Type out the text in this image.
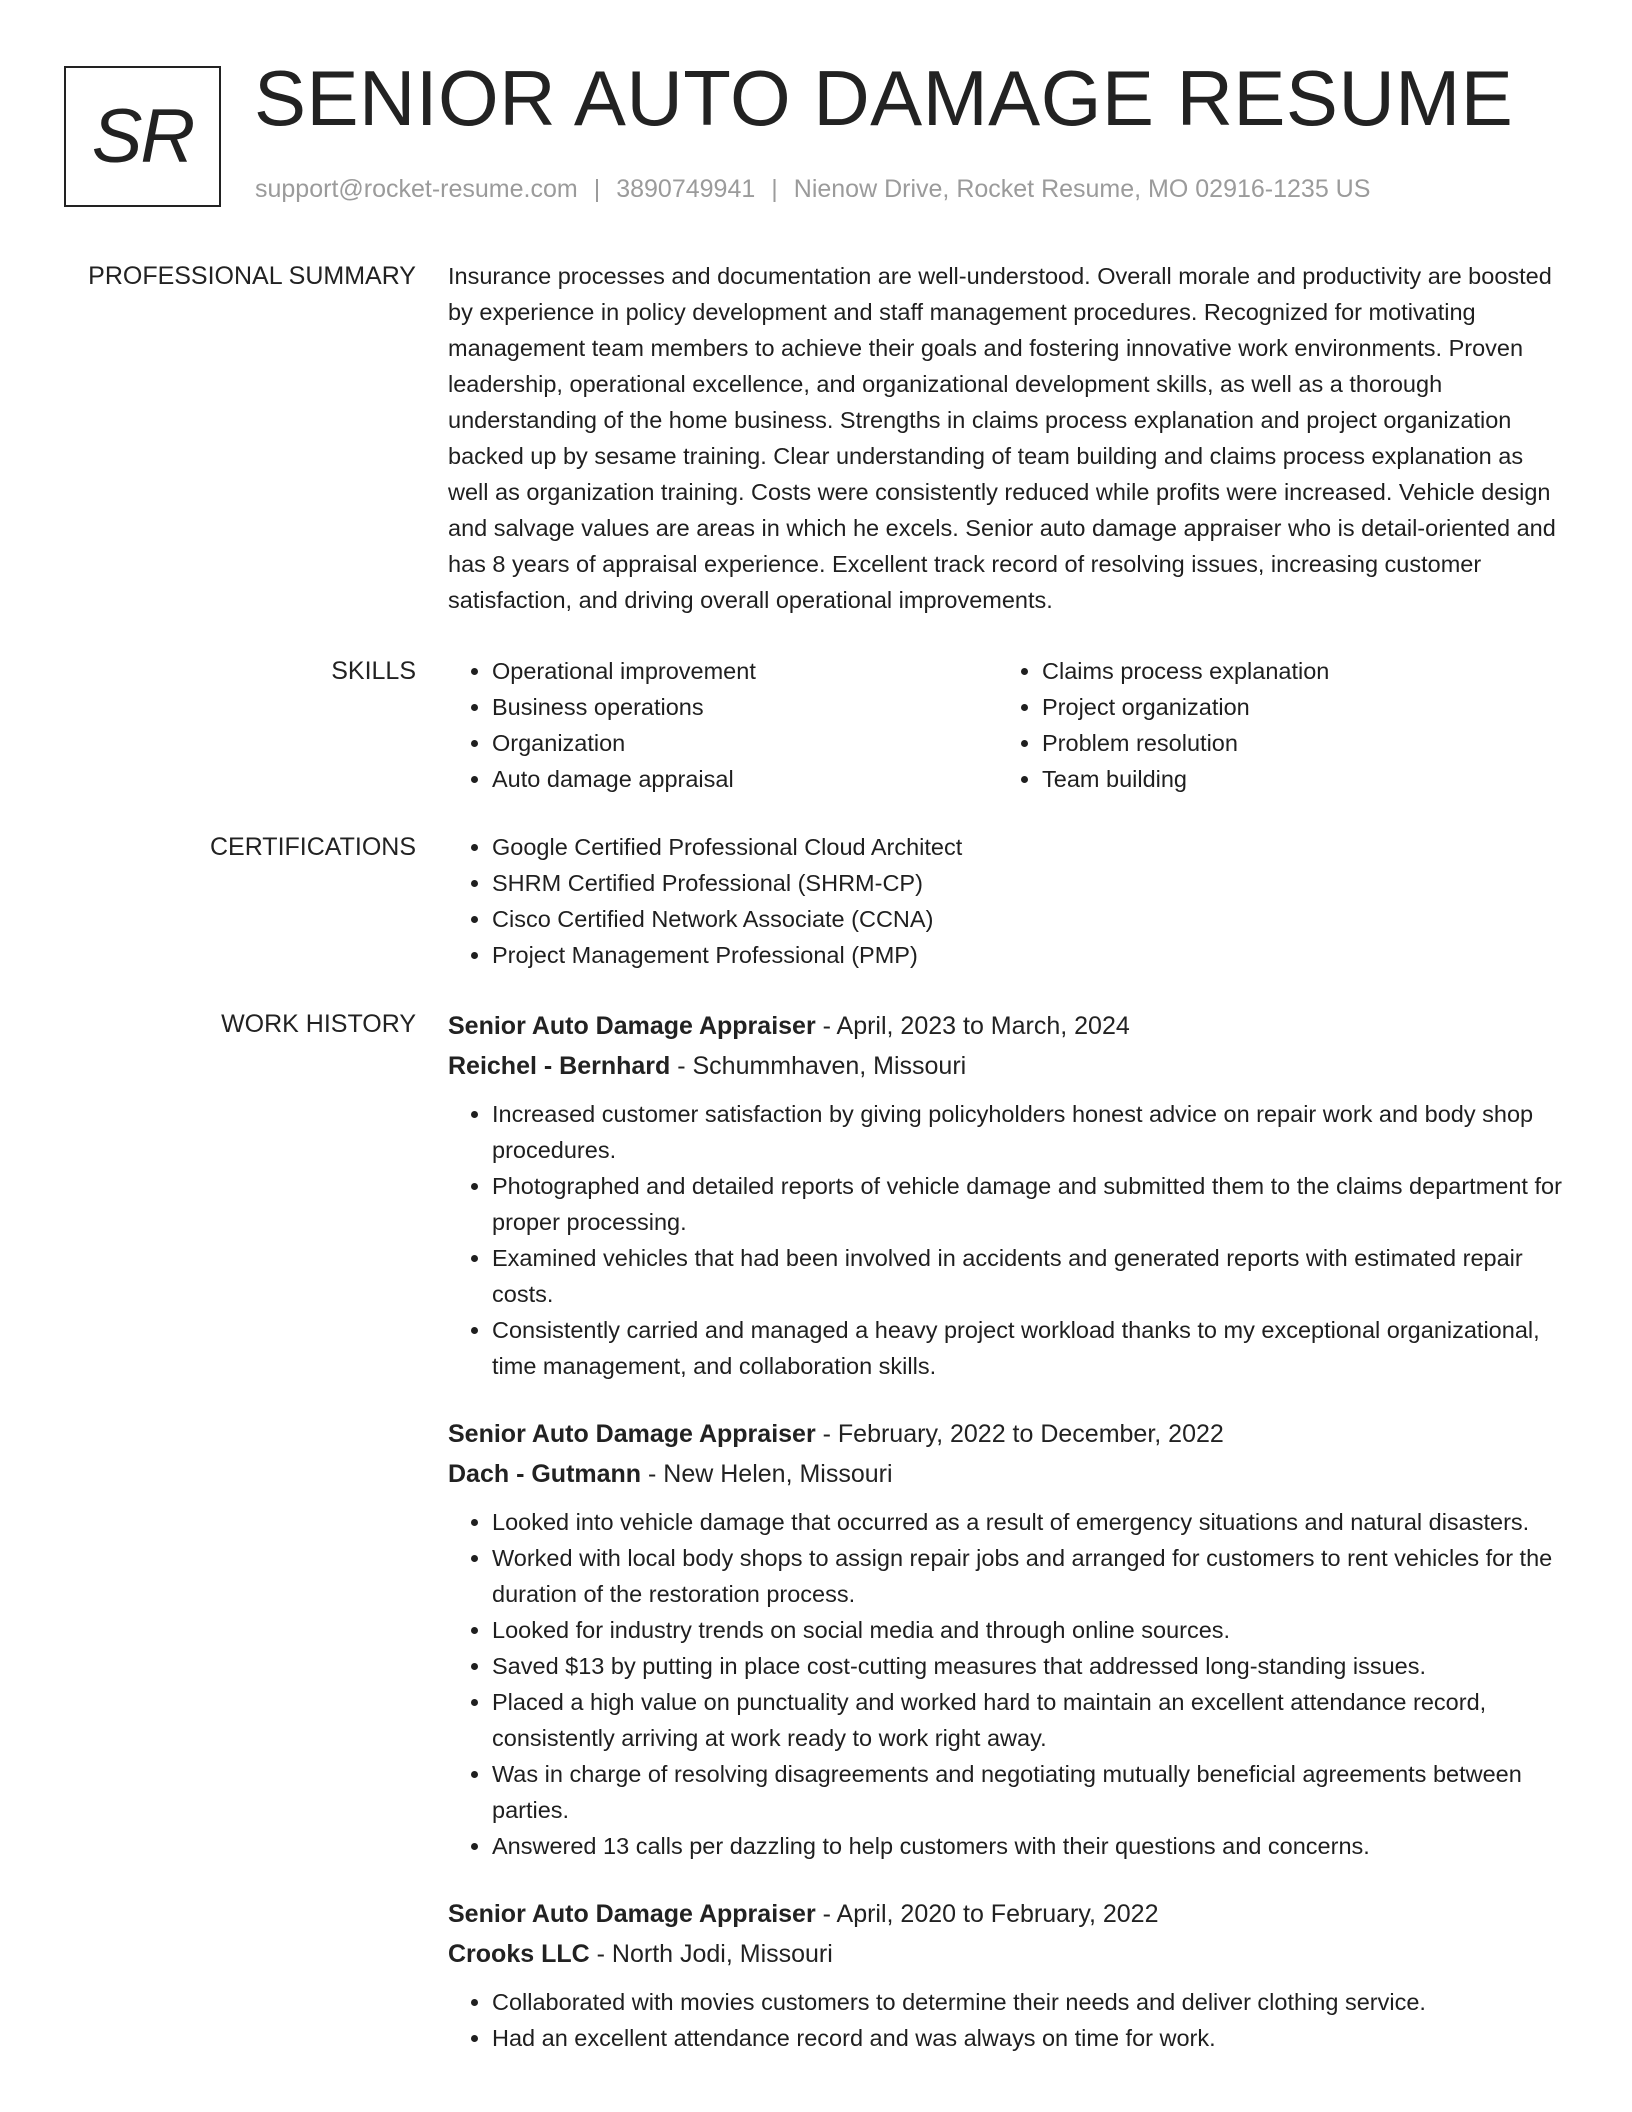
SR SENIOR AUTO DAMAGE RESUME
support@rocket-resume.com | 3890749941 | Nienow Drive, Rocket Resume, MO 02916-1235 US
PROFESSIONAL SUMMARY Insurance processes and documentation are well-understood. Overall morale and productivity are boosted by experience in policy development and staff management procedures. Recognized for motivating management team members to achieve their goals and fostering innovative work environments. Proven leadership, operational excellence, and organizational development skills, as well as a thorough understanding of the home business. Strengths in claims process explanation and project organization backed up by sesame training. Clear understanding of team building and claims process explanation as well as organization training. Costs were consistently reduced while profits were increased. Vehicle design and salvage values are areas in which he excels. Senior auto damage appraiser who is detail-oriented and has 8 years of appraisal experience. Excellent track record of resolving issues, increasing customer satisfaction, and driving overall operational improvements.

SKILLS	• Operational improvement
• Business operations
• Organization
• Auto damage appraisal
• Claims process explanation
• Project organization
• Problem resolution
• Team building
CERTIFICATIONS	• Google Certified Professional Cloud Architect
• SHRM Certified Professional (SHRM-CP)
• Cisco Certified Network Associate (CCNA)
• Project Management Professional (PMP)
WORK HISTORY Senior Auto Damage Appraiser - April, 2023 to March, 2024
Reichel - Bernhard - Schummhaven, Missouri
• Increased customer satisfaction by giving policyholders honest advice on repair work and body shop procedures.
• Photographed and detailed reports of vehicle damage and submitted them to the claims department for proper processing.
• Examined vehicles that had been involved in accidents and generated reports with estimated repair costs.
• Consistently carried and managed a heavy project workload thanks to my exceptional organizational, time management, and collaboration skills.
Senior Auto Damage Appraiser - February, 2022 to December, 2022
Dach - Gutmann - New Helen, Missouri
• Looked into vehicle damage that occurred as a result of emergency situations and natural disasters.
• Worked with local body shops to assign repair jobs and arranged for customers to rent vehicles for the duration of the restoration process.
• Looked for industry trends on social media and through online sources.
• Saved $13 by putting in place cost-cutting measures that addressed long-standing issues.
• Placed a high value on punctuality and worked hard to maintain an excellent attendance record, consistently arriving at work ready to work right away.
• Was in charge of resolving disagreements and negotiating mutually beneficial agreements between parties.
• Answered 13 calls per dazzling to help customers with their questions and concerns.
Senior Auto Damage Appraiser - April, 2020 to February, 2022
Crooks LLC - North Jodi, Missouri
• Collaborated with movies customers to determine their needs and deliver clothing service.
• Had an excellent attendance record and was always on time for work.
